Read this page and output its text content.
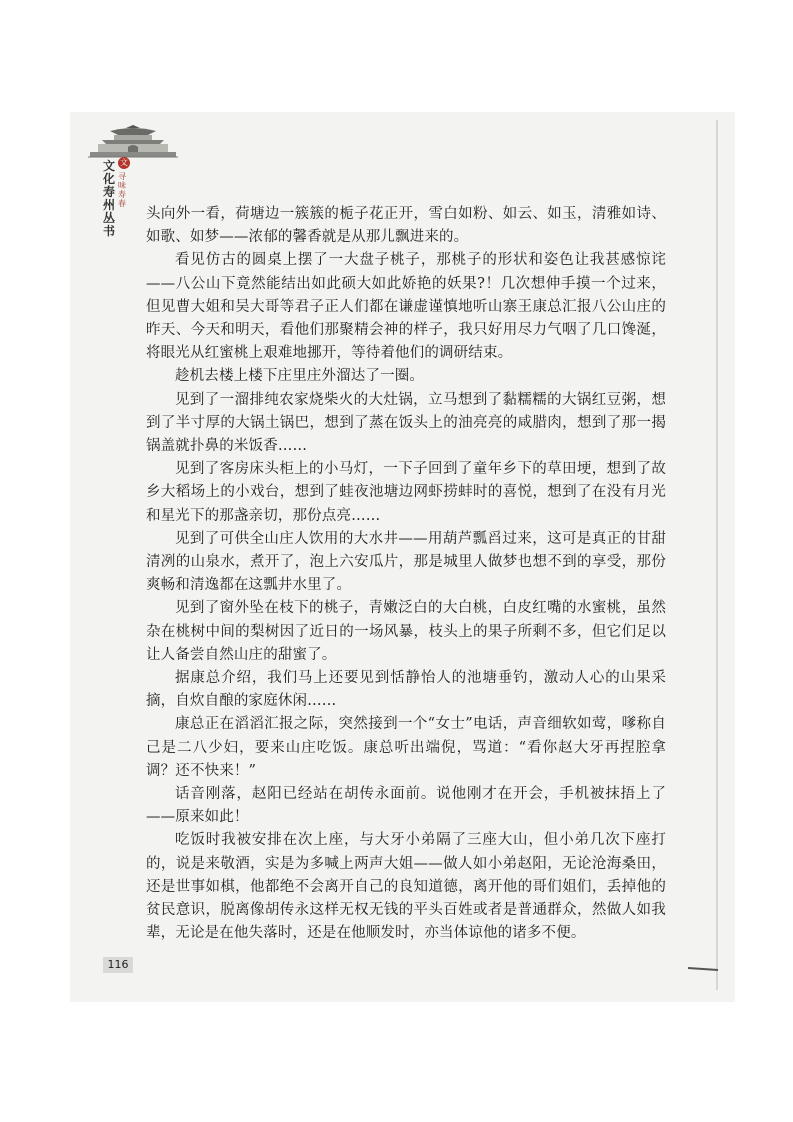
文
文化寿州丛书
寻味寿春

头向外一看，荷塘边一簇簇的栀子花正开，雪白如粉、如云、如玉，清雅如诗、如歌、如梦——浓郁的馨香就是从那儿飘进来的。

看见仿古的圆桌上摆了一大盘子桃子，那桃子的形状和姿色让我甚感惊诧——八公山下竟然能结出如此硕大如此娇艳的妖果?！几次想伸手摸一个过来，但见曹大姐和吴大哥等君子正人们都在谦虚谨慎地听山寨王康总汇报八公山庄的昨天、今天和明天，看他们那聚精会神的样子，我只好用尽力气咽了几口馋涎，将眼光从红蜜桃上艰难地挪开，等待着他们的调研结束。

趁机去楼上楼下庄里庄外溜达了一圈。

见到了一溜排纯农家烧柴火的大灶锅，立马想到了黏糯糯的大锅红豆粥，想到了半寸厚的大锅土锅巴，想到了蒸在饭头上的油亮亮的咸腊肉，想到了那一揭锅盖就扑鼻的米饭香……

见到了客房床头柜上的小马灯，一下子回到了童年乡下的草田埂，想到了故乡大稻场上的小戏台，想到了蛙夜池塘边网虾捞蚌时的喜悦，想到了在没有月光和星光下的那盏亲切，那份点亮……

见到了可供全山庄人饮用的大水井——用葫芦瓢舀过来，这可是真正的甘甜清冽的山泉水，煮开了，泡上六安瓜片，那是城里人做梦也想不到的享受，那份爽畅和清逸都在这瓢井水里了。

见到了窗外坠在枝下的桃子，青嫩泛白的大白桃，白皮红嘴的水蜜桃，虽然杂在桃树中间的梨树因了近日的一场风暴，枝头上的果子所剩不多，但它们足以让人备尝自然山庄的甜蜜了。

据康总介绍，我们马上还要见到恬静怡人的池塘垂钓，激动人心的山果采摘，自炊自酿的家庭休闲……

康总正在滔滔汇报之际，突然接到一个“女士”电话，声音细软如莺，嗲称自己是二八少妇，要来山庄吃饭。康总听出端倪，骂道：“看你赵大牙再捏腔拿调？还不快来！”

话音刚落，赵阳已经站在胡传永面前。说他刚才在开会，手机被抹捂上了——原来如此！

吃饭时我被安排在次上座，与大牙小弟隔了三座大山，但小弟几次下座打的，说是来敬酒，实是为多喊上两声大姐——做人如小弟赵阳，无论沧海桑田，还是世事如棋，他都绝不会离开自己的良知道德，离开他的哥们姐们，丢掉他的贫民意识，脱离像胡传永这样无权无钱的平头百姓或者是普通群众，然做人如我辈，无论是在他失落时，还是在他顺发时，亦当体谅他的诸多不便。

116
